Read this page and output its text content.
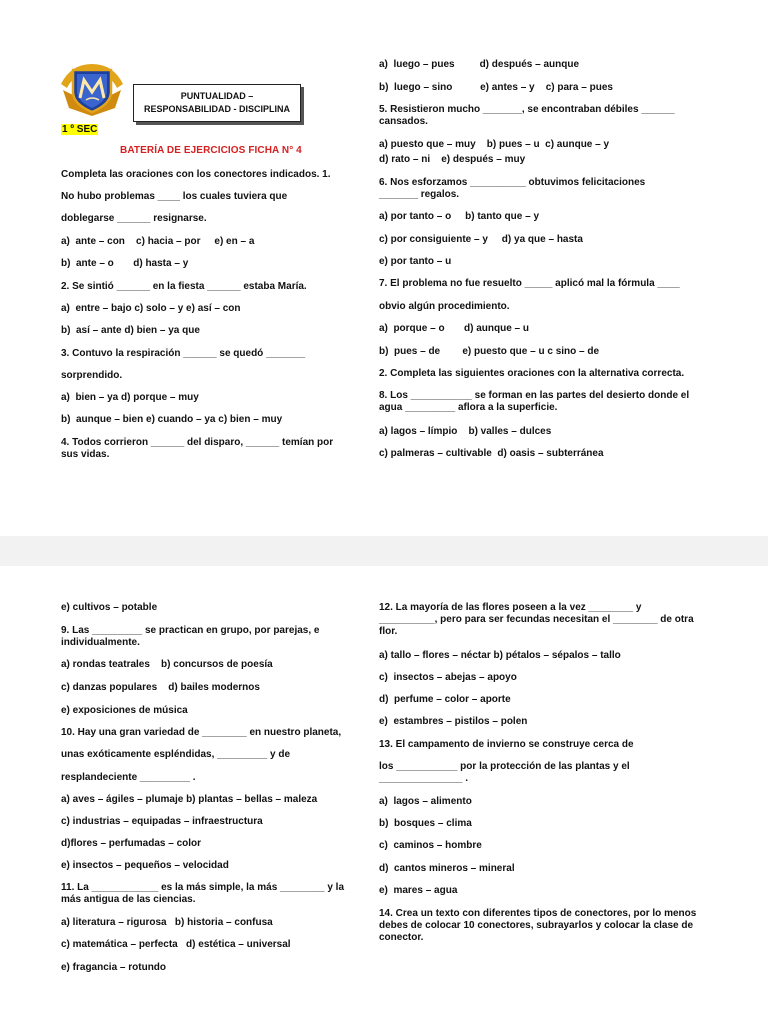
PUNTUALIDAD –
RESPONSABILIDAD - DISCIPLINA
1 º SEC
BATERÍA DE EJERCICIOS FICHA N° 4
Completa las oraciones con los conectores indicados. 1.
No hubo problemas ____ los cuales tuviera que
doblegarse ______ resignarse.
a)  ante – con    c) hacia – por     e) en – a
b)  ante – o       d) hasta – y
2. Se sintió ______ en la fiesta ______ estaba María.
a)  entre – bajo c) solo – y e) así – con
b)  así – ante d) bien – ya que
3. Contuvo la respiración ______ se quedó _______
sorprendido.
a)  bien – ya d) porque – muy
b)  aunque – bien e) cuando – ya c) bien – muy
4. Todos corrieron ______ del disparo, ______ temían por sus vidas.
a)  luego – pues         d) después – aunque
b)  luego – sino          e) antes – y    c) para – pues
5. Resistieron mucho _______, se encontraban débiles ______ cansados.
a) puesto que – muy    b) pues – u  c) aunque – y
d) rato – ni    e) después – muy
6. Nos esforzamos __________ obtuvimos felicitaciones _______ regalos.
a) por tanto – o     b) tanto que – y
c) por consiguiente – y     d) ya que – hasta
e) por tanto – u
7. El problema no fue resuelto _____ aplicó mal la fórmula ____
obvio algún procedimiento.
a)  porque – o       d) aunque – u
b)  pues – de        e) puesto que – u c sino – de
2. Completa las siguientes oraciones con la alternativa correcta.
8. Los ___________ se forman en las partes del desierto donde el agua _________ aflora a la superficie.
a) lagos – límpio    b) valles – dulces
c) palmeras – cultivable  d) oasis – subterránea
e) cultivos – potable
9. Las _________ se practican en grupo, por parejas, e individualmente.
a) rondas teatrales    b) concursos de poesía
c) danzas populares    d) bailes modernos
e) exposiciones de música
10. Hay una gran variedad de ________ en nuestro planeta,
unas exóticamente espléndidas, _________ y de
resplandeciente _________ .
a) aves – ágiles – plumaje b) plantas – bellas – maleza
c) industrias – equipadas – infraestructura
d)flores – perfumadas – color
e) insectos – pequeños – velocidad
11. La ____________ es la más simple, la más ________ y la más antigua de las ciencias.
a) literatura – rigurosa   b) historia – confusa
c) matemática – perfecta   d) estética – universal
e) fragancia – rotundo
12. La mayoría de las flores poseen a la vez ________ y __________, pero para ser fecundas necesitan el ________ de otra flor.
a) tallo – flores – néctar b) pétalos – sépalos – tallo
c)  insectos – abejas – apoyo
d)  perfume – color – aporte
e)  estambres – pistilos – polen
13. El campamento de invierno se construye cerca de
los ___________ por la protección de las plantas y el _______________ .
a)  lagos – alimento
b)  bosques – clima
c)  caminos – hombre
d)  cantos mineros – mineral
e)  mares – agua
14. Crea un texto con diferentes tipos de conectores, por lo menos debes de colocar 10 conectores, subrayarlos y colocar la clase de conector.
